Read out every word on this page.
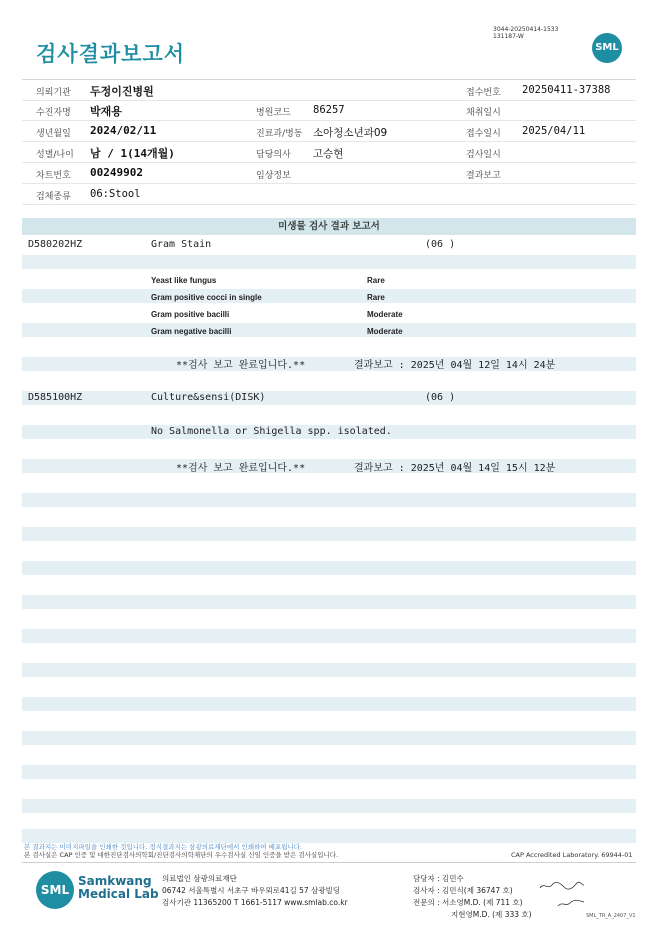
검사결과보고서
3044-20250414-1533
131187-W
SML
의뢰기관 두정이진병원	접수번호 20250411-37388
수진자명 박재용	병원코드 86257	채취일시
생년월일 2024/02/11	진료과/병동 소아청소년과09	접수일시 2025/04/11
성별/나이 남 / 1(14개월)	담당의사 고승현	검사일시
차트번호 00249902	임상정보	결과보고
검체종류 06:Stool
미생물 검사 결과 보고서
D580202HZ	Gram Stain	(06 )
Yeast like fungus	Rare
Gram positive cocci in single	Rare
Gram positive bacilli	Moderate
Gram negative bacilli	Moderate
**검사 보고 완료입니다.**	결과보고 : 2025년 04월 12일 14시 24분
D585100HZ	Culture&sensi(DISK)	(06 )
No Salmonella or Shigella spp. isolated.
**검사 보고 완료입니다.**	결과보고 : 2025년 04월 14일 15시 12분
본 결과지는 이미지파일을 인쇄한 것입니다. 정식결과지는 삼광의료재단에서 인쇄하여 배포됩니다.
본 검사실은 CAP 인증 및 대한진단검사의학회/진단검사의학재단의 우수검사실 신임 인증을 받은 검사실입니다.	CAP Accredited Laboratory. 69944-01
SML
Samkwang
Medical Lab
의료법인 삼광의료재단
06742 서울특별시 서초구 바우뫼로41길 57 삼광빌딩
검사기관 11365200 T 1661-5117 www.smlab.co.kr
담당자 : 김민수
검사자 : 김민식(제 36747 호)
전문의 : 서소영M.D. (제 711 호)
지현영M.D. (제 333 호)	SML_TR_A_2407_V1
